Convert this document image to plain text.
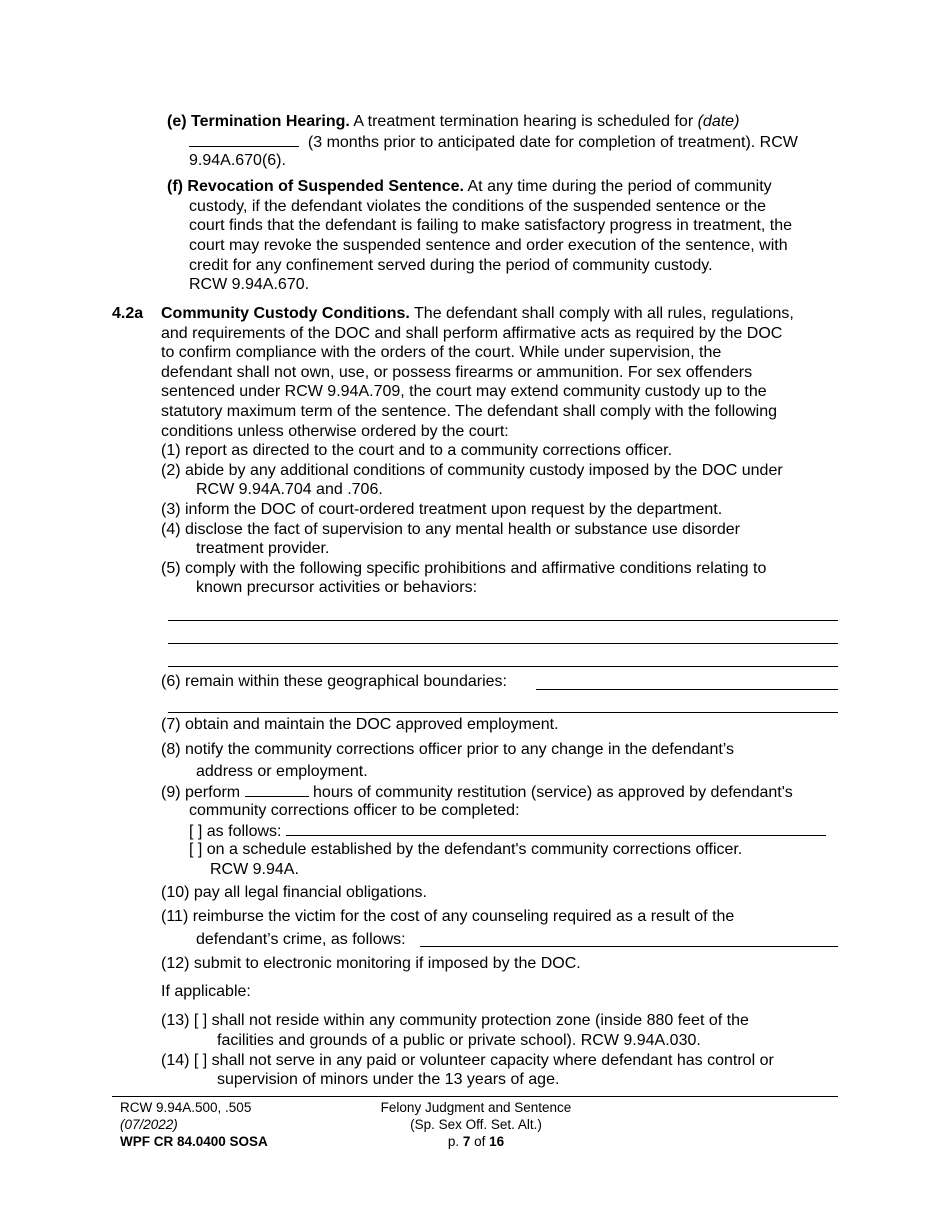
(e) Termination Hearing. A treatment termination hearing is scheduled for (date)
(3 months prior to anticipated date for completion of treatment). RCW
9.94A.670(6).
(f) Revocation of Suspended Sentence. At any time during the period of community
custody, if the defendant violates the conditions of the suspended sentence or the
court finds that the defendant is failing to make satisfactory progress in treatment, the
court may revoke the suspended sentence and order execution of the sentence, with
credit for any confinement served during the period of community custody.
RCW 9.94A.670.
4.2a Community Custody Conditions. The defendant shall comply with all rules, regulations,
and requirements of the DOC and shall perform affirmative acts as required by the DOC
to confirm compliance with the orders of the court. While under supervision, the
defendant shall not own, use, or possess firearms or ammunition. For sex offenders
sentenced under RCW 9.94A.709, the court may extend community custody up to the
statutory maximum term of the sentence. The defendant shall comply with the following
conditions unless otherwise ordered by the court:
(1) report as directed to the court and to a community corrections officer.
(2) abide by any additional conditions of community custody imposed by the DOC under
RCW 9.94A.704 and .706.
(3) inform the DOC of court-ordered treatment upon request by the department.
(4) disclose the fact of supervision to any mental health or substance use disorder
treatment provider.
(5) comply with the following specific prohibitions and affirmative conditions relating to
known precursor activities or behaviors:
(6) remain within these geographical boundaries:
(7) obtain and maintain the DOC approved employment.
(8) notify the community corrections officer prior to any change in the defendant’s
address or employment.
(9) perform	hours of community restitution (service) as approved by defendant's
community corrections officer to be completed:
[ ] as follows:
[ ] on a schedule established by the defendant's community corrections officer.
RCW 9.94A.
(10) pay all legal financial obligations.
(11) reimburse the victim for the cost of any counseling required as a result of the
defendant’s crime, as follows:
(12) submit to electronic monitoring if imposed by the DOC.
If applicable:
(13) [ ] shall not reside within any community protection zone (inside 880 feet of the
facilities and grounds of a public or private school). RCW 9.94A.030.
(14) [ ] shall not serve in any paid or volunteer capacity where defendant has control or
supervision of minors under the 13 years of age.
RCW 9.94A.500, .505
(07/2022)
WPF CR 84.0400 SOSA
Felony Judgment and Sentence
(Sp. Sex Off. Set. Alt.)
p. 7 of 16
